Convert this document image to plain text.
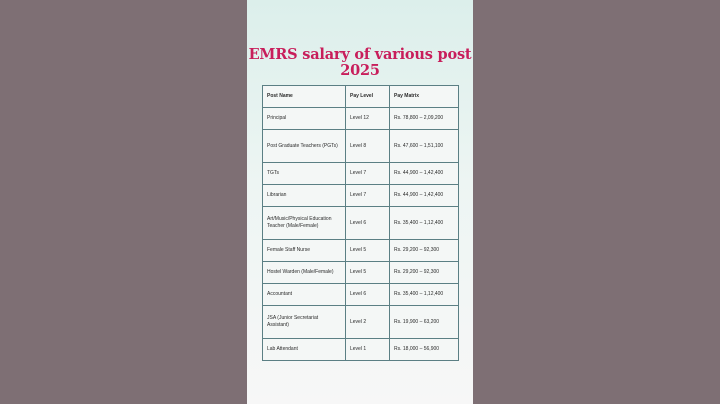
EMRS salary of various post 2025
Post Name	Pay Level	Pay Matrix
Principal	Level 12	Rs. 78,800 – 2,09,200
Post Graduate Teachers (PGTs)	Level 8	Rs. 47,600 – 1,51,100
TGTs	Level 7	Rs. 44,900 – 1,42,400
Librarian	Level 7	Rs. 44,900 – 1,42,400
Art/Music/Physical Education Teacher (Male/Female)	Level 6	Rs. 35,400 – 1,12,400
Female Staff Nurse	Level 5	Rs. 29,200 – 92,300
Hostel Warden (Male/Female)	Level 5	Rs. 29,200 – 92,300
Accountant	Level 6	Rs. 35,400 – 1,12,400
JSA (Junior Secretariat Assistant)	Level 2	Rs. 19,900 – 63,200
Lab Attendant	Level 1	Rs. 18,000 – 56,900
